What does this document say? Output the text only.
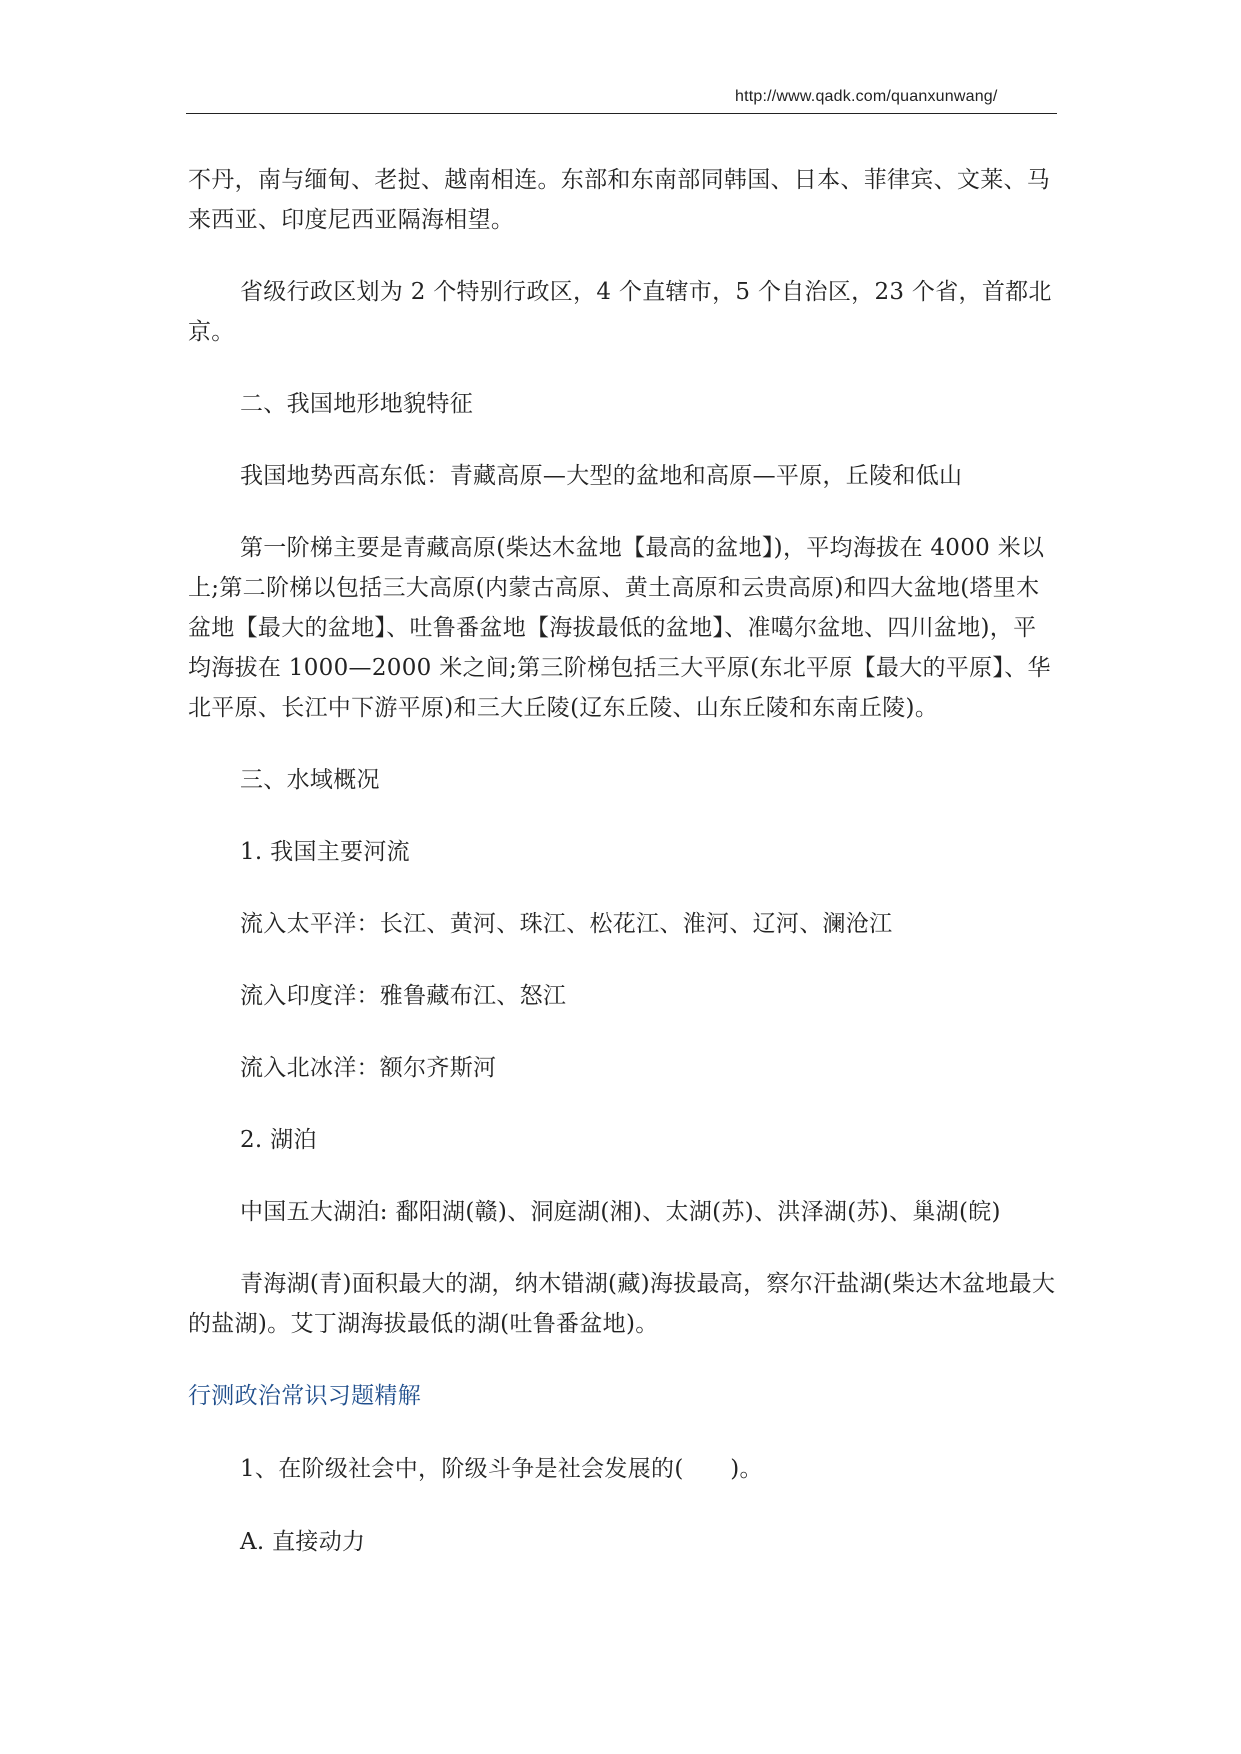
http://www.qadk.com/quanxunwang/

不丹，南与缅甸、老挝、越南相连。东部和东南部同韩国、日本、菲律宾、文莱、马来西亚、印度尼西亚隔海相望。

省级行政区划为 2 个特别行政区，4 个直辖市，5 个自治区，23 个省，首都北京。

二、我国地形地貌特征

我国地势西高东低：青藏高原—大型的盆地和高原—平原，丘陵和低山

第一阶梯主要是青藏高原(柴达木盆地【最高的盆地】)，平均海拔在 4000 米以上;第二阶梯以包括三大高原(内蒙古高原、黄土高原和云贵高原)和四大盆地(塔里木盆地【最大的盆地】、吐鲁番盆地【海拔最低的盆地】、准噶尔盆地、四川盆地)，平均海拔在 1000—2000 米之间;第三阶梯包括三大平原(东北平原【最大的平原】、华北平原、长江中下游平原)和三大丘陵(辽东丘陵、山东丘陵和东南丘陵)。

三、水域概况

1. 我国主要河流

流入太平洋：长江、黄河、珠江、松花江、淮河、辽河、澜沧江

流入印度洋：雅鲁藏布江、怒江

流入北冰洋：额尔齐斯河

2. 湖泊

中国五大湖泊: 鄱阳湖(赣)、洞庭湖(湘)、太湖(苏)、洪泽湖(苏)、巢湖(皖)

青海湖(青)面积最大的湖，纳木错湖(藏)海拔最高，察尔汗盐湖(柴达木盆地最大的盐湖)。艾丁湖海拔最低的湖(吐鲁番盆地)。

行测政治常识习题精解

1、在阶级社会中，阶级斗争是社会发展的(　　)。

A. 直接动力
